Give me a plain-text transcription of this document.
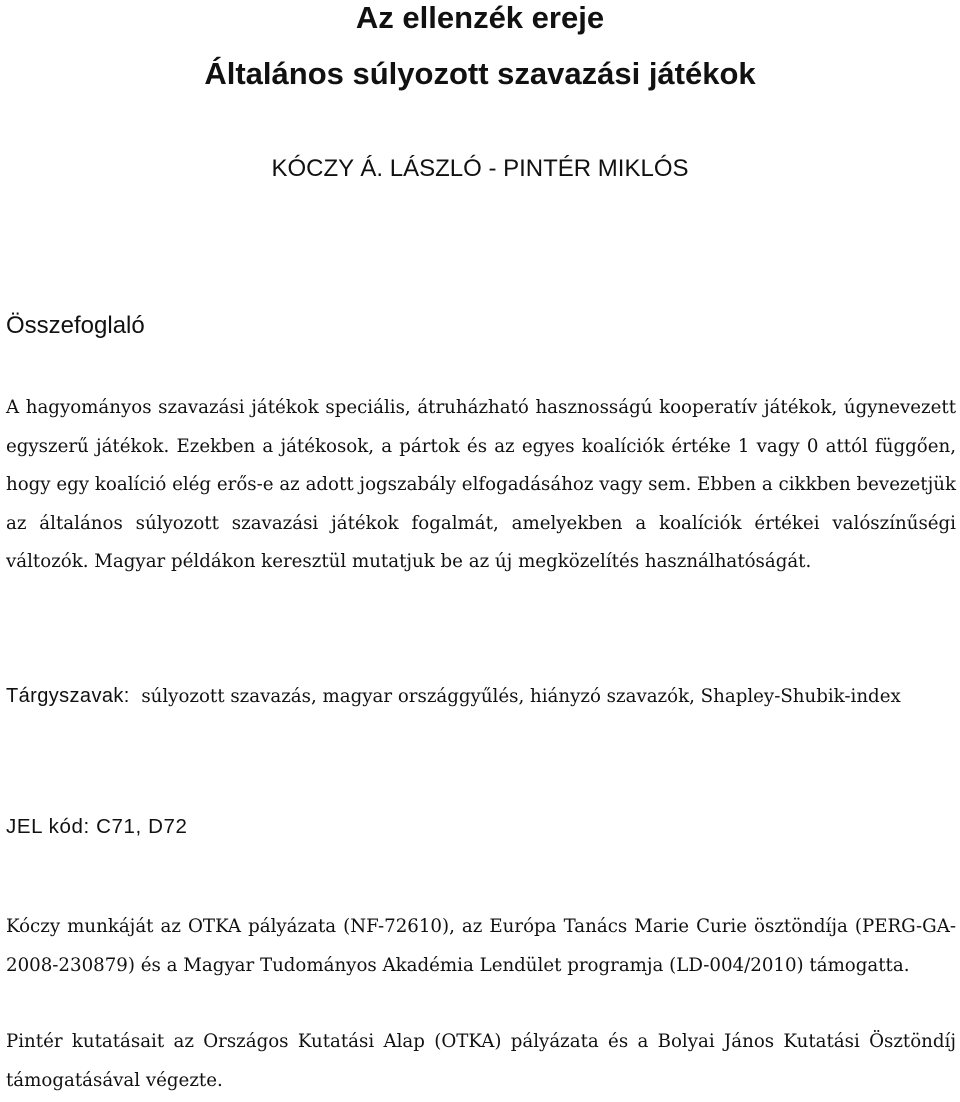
Az ellenzék ereje
Általános súlyozott szavazási játékok
KÓCZY Á. LÁSZLÓ - PINTÉR MIKLÓS
Összefoglaló

A hagyományos szavazási játékok speciális, átruházható hasznosságú kooperatív játékok, úgynevezett egyszerű játékok. Ezekben a játékosok, a pártok és az egyes koalíciók értéke 1 vagy 0 attól függően, hogy egy koalíció elég erős-e az adott jogszabály elfogadásához vagy sem. Ebben a cikkben bevezetjük az általános súlyozott szavazási játékok fogalmát, amelyekben a koalíciók értékei valószínűségi változók. Magyar példákon keresztül mutatjuk be az új megközelítés használhatóságát.

Tárgyszavak: súlyozott szavazás, magyar országgyűlés, hiányzó szavazók, Shapley-Shubik-index

JEL kód: C71, D72

Kóczy munkáját az OTKA pályázata (NF-72610), az Európa Tanács Marie Curie ösztöndíja (PERG-GA-2008-230879) és a Magyar Tudományos Akadémia Lendület programja (LD-004/2010) támogatta.

Pintér kutatásait az Országos Kutatási Alap (OTKA) pályázata és a Bolyai János Kutatási Ösztöndíj támogatásával végezte.
